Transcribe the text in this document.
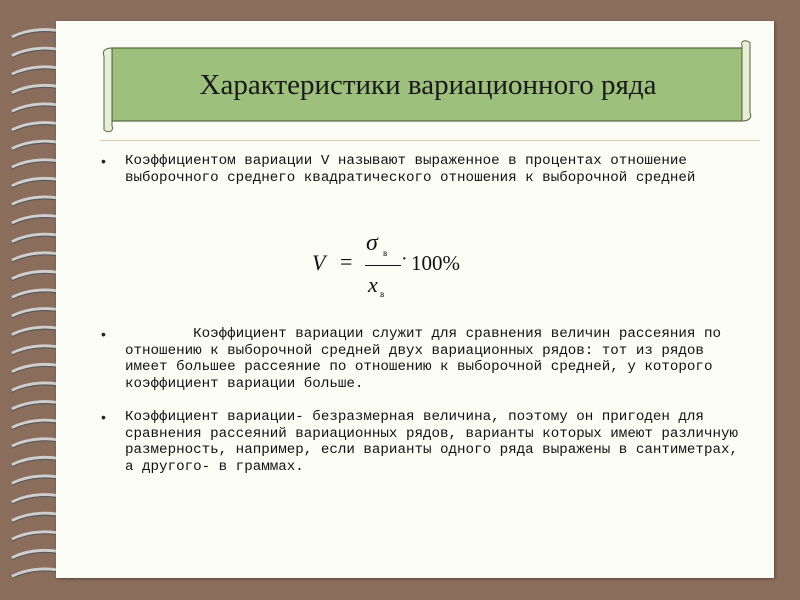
Характеристики вариационного ряда
•	Коэффициентом вариации V называют выраженное в процентах отношение  выборочного среднего квадратического отношения к выборочной средней
V =
σ в
x в
· 100%
•	Коэффициент вариации служит для сравнения величин рассеяния по отношению к выборочной средней двух вариационных рядов: тот из рядов имеет большее рассеяние по отношению к выборочной средней, у которого коэффициент вариации больше.
•	Коэффициент вариации- безразмерная величина, поэтому он пригоден для сравнения рассеяний вариационных рядов, варианты которых имеют различную размерность, например, если варианты одного ряда выражены в сантиметрах, а другого- в граммах.
